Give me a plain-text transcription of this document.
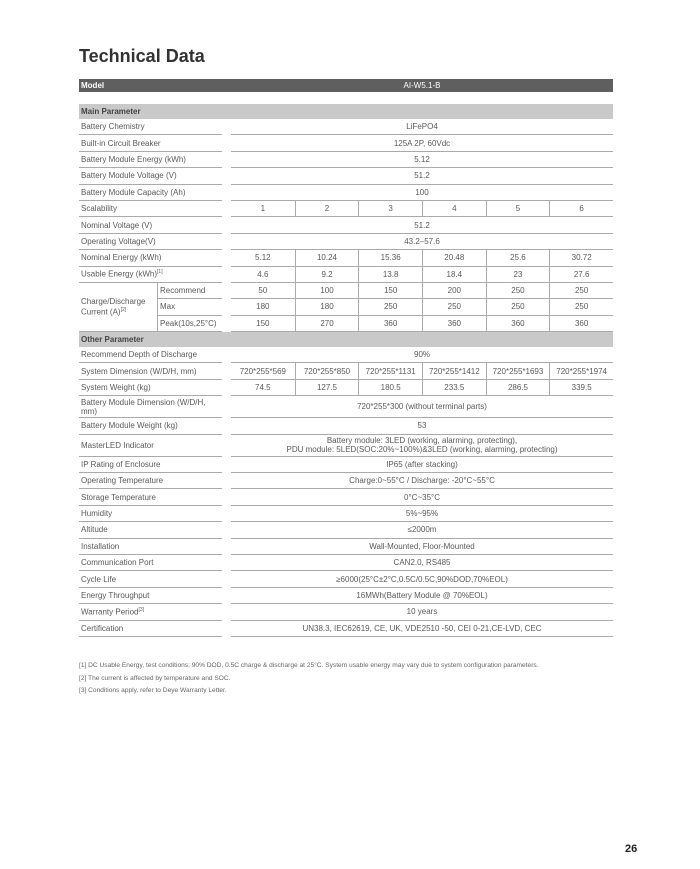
Technical Data
Model			AI-W5.1-B					

Main Parameter								
Battery Chemistry			LiFePO4					
Built-in Circuit Breaker			125A 2P, 60Vdc					
Battery Module Energy (kWh)			5.12					
Battery Module Voltage (V)			51.2					
Battery Module Capacity (Ah)			100					
Scalability			1	2	3	4	5	6
Nominal Voltage (V)			51.2					
Operating Voltage(V)			43.2–57.6					
Nominal Energy (kWh)			5.12	10.24	15.36	20.48	25.6	30.72
Usable Energy (kWh)[1]			4.6	9.2	13.8	18.4	23	27.6
Charge/Discharge Current (A)[2]	Recommend		50	100	150	200	250	250
	Max		180	180	250	250	250	250
	Peak(10s,25°C)		150	270	360	360	360	360
Other Parameter								
Recommend Depth of Discharge			90%					
System Dimension (W/D/H, mm)			720*255*569	720*255*850	720*255*1131	720*255*1412	720*255*1693	720*255*1974
System Weight (kg)			74.5	127.5	180.5	233.5	286.5	339.5
Battery Module Dimension (W/D/H, mm)			720*255*300 (without terminal parts)					
Battery Module Weight (kg)			53					
MasterLED Indicator			Battery module: 3LED (working, alarming, protecting),
PDU module: 5LED(SOC:20%~100%)&3LED (working, alarming, protecting)					

IP Rating of Enclosure			IP65 (after stacking)					
Operating Temperature			Charge:0~55°C / Discharge: -20°C~55°C					
Storage Temperature			0°C~35°C					
Humidity			5%~95%					
Altitude			≤2000m					
Installation			Wall-Mounted, Floor-Mounted					
Communication Port			CAN2.0, RS485					
Cycle Life			≥6000(25°C±2°C,0.5C/0.5C,90%DOD,70%EOL)					
Energy Throughput			16MWh(Battery Module @ 70%EOL)					
Warranty Period[3]			10 years					
Certification			UN38.3, IEC62619, CE, UK, VDE2510 -50, CEI 0-21,CE-LVD, CEC					
[1] DC Usable Energy, test conditions: 90% DOD, 0.5C charge & discharge at 25°C. System usable energy may vary due to system configuration parameters.
[2] The current is affected by temperature and SOC.
[3] Conditions apply, refer to Deye Warranty Letter.
26
